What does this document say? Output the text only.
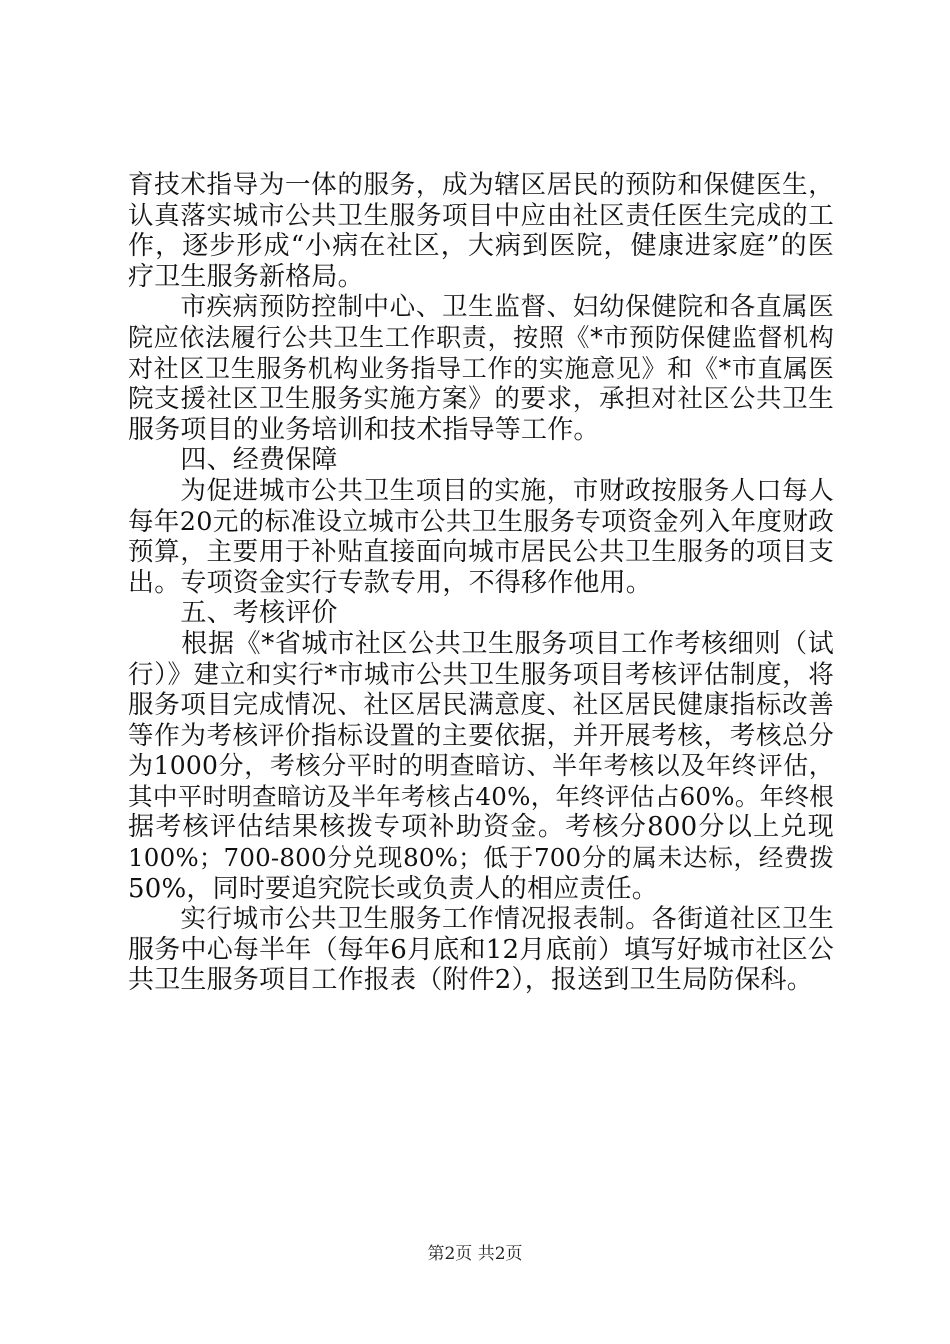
育技术指导为一体的服务，成为辖区居民的预防和保健医生，
认真落实城市公共卫生服务项目中应由社区责任医生完成的工
作，逐步形成“小病在社区，大病到医院，健康进家庭”的医
疗卫生服务新格局。
　　市疾病预防控制中心、卫生监督、妇幼保健院和各直属医
院应依法履行公共卫生工作职责，按照《*市预防保健监督机构
对社区卫生服务机构业务指导工作的实施意见》和《*市直属医
院支援社区卫生服务实施方案》的要求，承担对社区公共卫生
服务项目的业务培训和技术指导等工作。
　　四、经费保障
　　为促进城市公共卫生项目的实施，市财政按服务人口每人
每年20元的标准设立城市公共卫生服务专项资金列入年度财政
预算，主要用于补贴直接面向城市居民公共卫生服务的项目支
出。专项资金实行专款专用，不得移作他用。
　　五、考核评价
　　根据《*省城市社区公共卫生服务项目工作考核细则（试
行）》建立和实行*市城市公共卫生服务项目考核评估制度，将
服务项目完成情况、社区居民满意度、社区居民健康指标改善
等作为考核评价指标设置的主要依据，并开展考核，考核总分
为1000分，考核分平时的明查暗访、半年考核以及年终评估，
其中平时明查暗访及半年考核占40%，年终评估占60%。年终根
据考核评估结果核拨专项补助资金。考核分800分以上兑现
100%；700-800分兑现80%；低于700分的属未达标，经费拨
50%，同时要追究院长或负责人的相应责任。
　　实行城市公共卫生服务工作情况报表制。各街道社区卫生
服务中心每半年（每年6月底和12月底前）填写好城市社区公
共卫生服务项目工作报表（附件2），报送到卫生局防保科。
第2页 共2页
